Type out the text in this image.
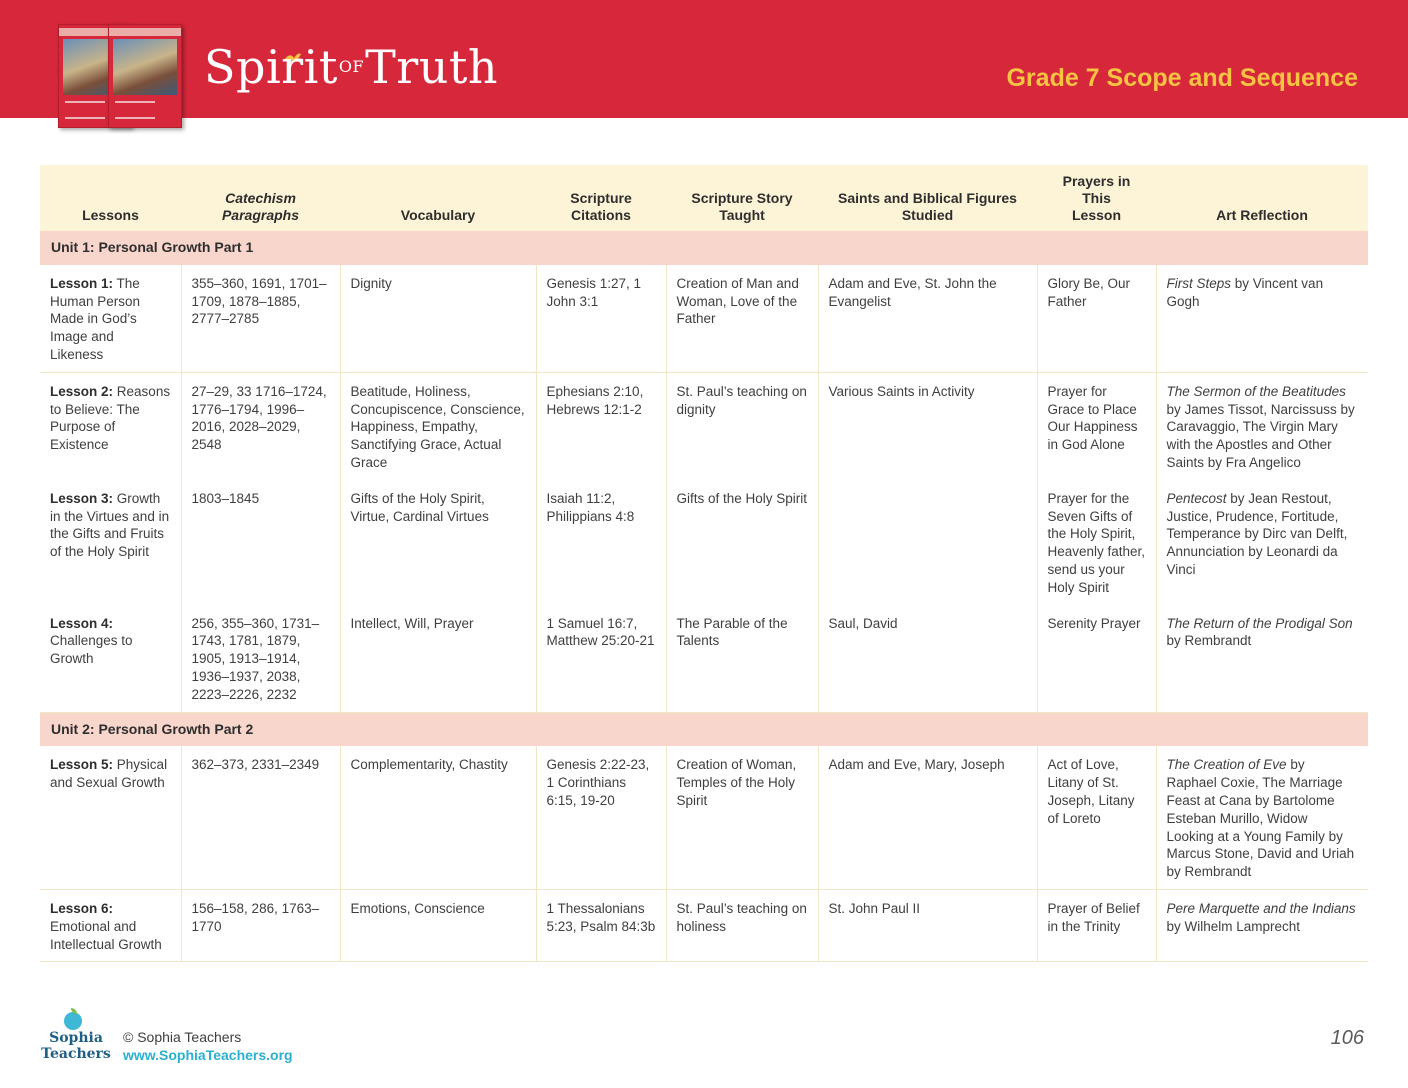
SpiritOFTruth	Grade 7 Scope and Sequence
Lessons	Catechism Paragraphs	Vocabulary	Scripture Citations	Scripture Story Taught	Saints and Biblical Figures Studied	Prayers in This Lesson	Art Reflection
Unit 1: Personal Growth Part 1							
Lesson 1: The Human Person Made in God’s Image and Likeness	355–360, 1691, 1701–1709, 1878–1885, 2777–2785	Dignity	Genesis 1:27, 1 John 3:1	Creation of Man and Woman, Love of the Father	Adam and Eve, St. John the Evangelist	Glory Be, Our Father	First Steps by Vincent van Gogh
Lesson 2: Reasons to Believe: The Purpose of Existence	27–29, 33 1716–1724, 1776–1794, 1996– 2016, 2028–2029, 2548	Beatitude, Holiness, Concupiscence, Conscience, Happiness, Empathy, Sanctifying Grace, Actual Grace	Ephesians 2:10, Hebrews 12:1-2	St. Paul’s teaching on dignity	Various Saints in Activity	Prayer for Grace to Place Our Happiness in God Alone	The Sermon of the Beatitudes by James Tissot, Narcissuss by Caravaggio, The Virgin Mary with the Apostles and Other Saints by Fra Angelico
Lesson 3: Growth in the Virtues and in the Gifts and Fruits of the Holy Spirit	1803–1845	Gifts of the Holy Spirit, Virtue, Cardinal Virtues	Isaiah 11:2, Philippians 4:8	Gifts of the Holy Spirit		Prayer for the Seven Gifts of the Holy Spirit, Heavenly father, send us your Holy Spirit	Pentecost by Jean Restout, Justice, Prudence, Fortitude, Temperance by Dirc van Delft, Annunciation by Leonardi da Vinci
Lesson 4: Challenges to Growth	256, 355–360, 1731–1743, 1781, 1879, 1905, 1913–1914, 1936–1937, 2038, 2223–2226, 2232	Intellect, Will, Prayer	1 Samuel 16:7, Matthew 25:20-21	The Parable of the Talents	Saul, David	Serenity Prayer	The Return of the Prodigal Son by Rembrandt
Unit 2: Personal Growth Part 2							
Lesson 5: Physical and Sexual Growth	362–373, 2331–2349	Complementarity, Chastity	Genesis 2:22-23, 1 Corinthians 6:15, 19-20	Creation of Woman, Temples of the Holy Spirit	Adam and Eve, Mary, Joseph	Act of Love, Litany of St. Joseph, Litany of Loreto	The Creation of Eve by Raphael Coxie, The Marriage Feast at Cana by Bartolome Esteban Murillo, Widow Looking at a Young Family by Marcus Stone, David and Uriah by Rembrandt
Lesson 6: Emotional and Intellectual Growth	156–158, 286, 1763–1770	Emotions, Conscience	1 Thessalonians 5:23, Psalm 84:3b	St. Paul’s teaching on holiness	St. John Paul II	Prayer of Belief in the Trinity	Pere Marquette and the Indians by Wilhelm Lamprecht
Sophia
Teachers
© Sophia Teachers
www.SophiaTeachers.org
106
